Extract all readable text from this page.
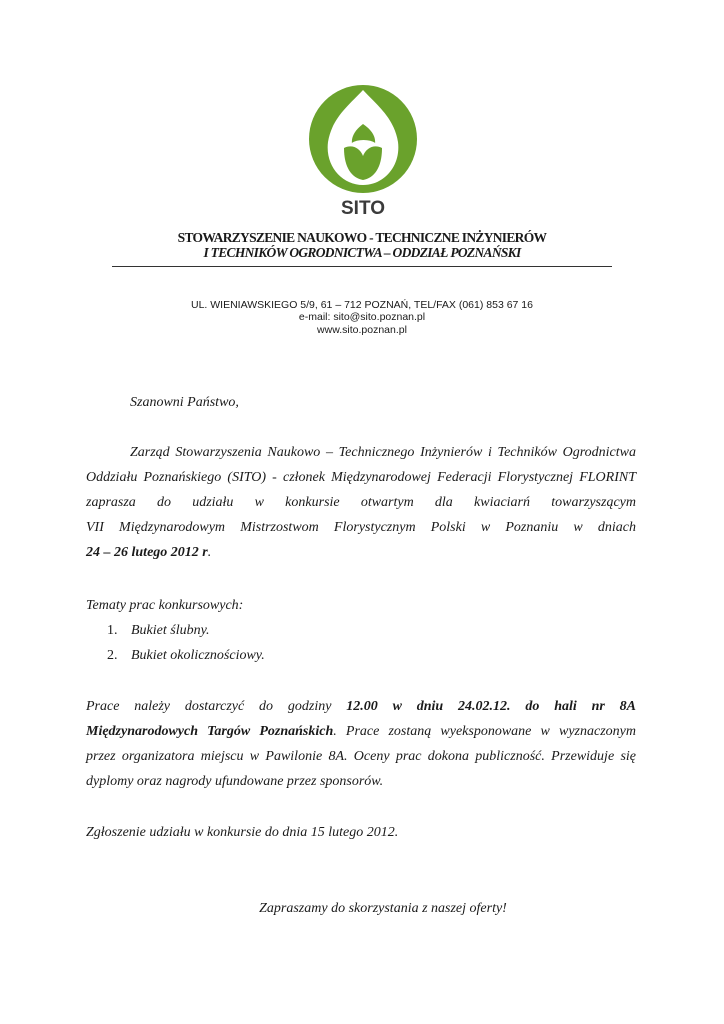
SITO
STOWARZYSZENIE NAUKOWO - TECHNICZNE INŻYNIERÓW
I TECHNIKÓW OGRODNICTWA – ODDZIAŁ POZNAŃSKI
UL. WIENIAWSKIEGO 5/9, 61 – 712 POZNAŃ, TEL/FAX (061) 853 67 16
e-mail: sito@sito.poznan.pl
www.sito.poznan.pl
Szanowni Państwo,
Zarząd Stowarzyszenia Naukowo – Technicznego Inżynierów i Techników Ogrodnictwa
Oddziału Poznańskiego (SITO) - członek Międzynarodowej Federacji Florystycznej FLORINT
zaprasza do udziału w konkursie otwartym dla kwiaciarń towarzyszącym
VII Międzynarodowym Mistrzostwom Florystycznym Polski w Poznaniu w dniach
24 – 26 lutego 2012 r.
Tematy prac konkursowych:
1. Bukiet ślubny.
2. Bukiet okolicznościowy.
Prace należy dostarczyć do godziny 12.00 w dniu 24.02.12. do hali nr 8A
Międzynarodowych Targów Poznańskich. Prace zostaną wyeksponowane w wyznaczonym
przez organizatora miejscu w Pawilonie 8A. Oceny prac dokona publiczność. Przewiduje się
dyplomy oraz nagrody ufundowane przez sponsorów.
Zgłoszenie udziału w konkursie do dnia 15 lutego 2012.
Zapraszamy do skorzystania z naszej oferty!
